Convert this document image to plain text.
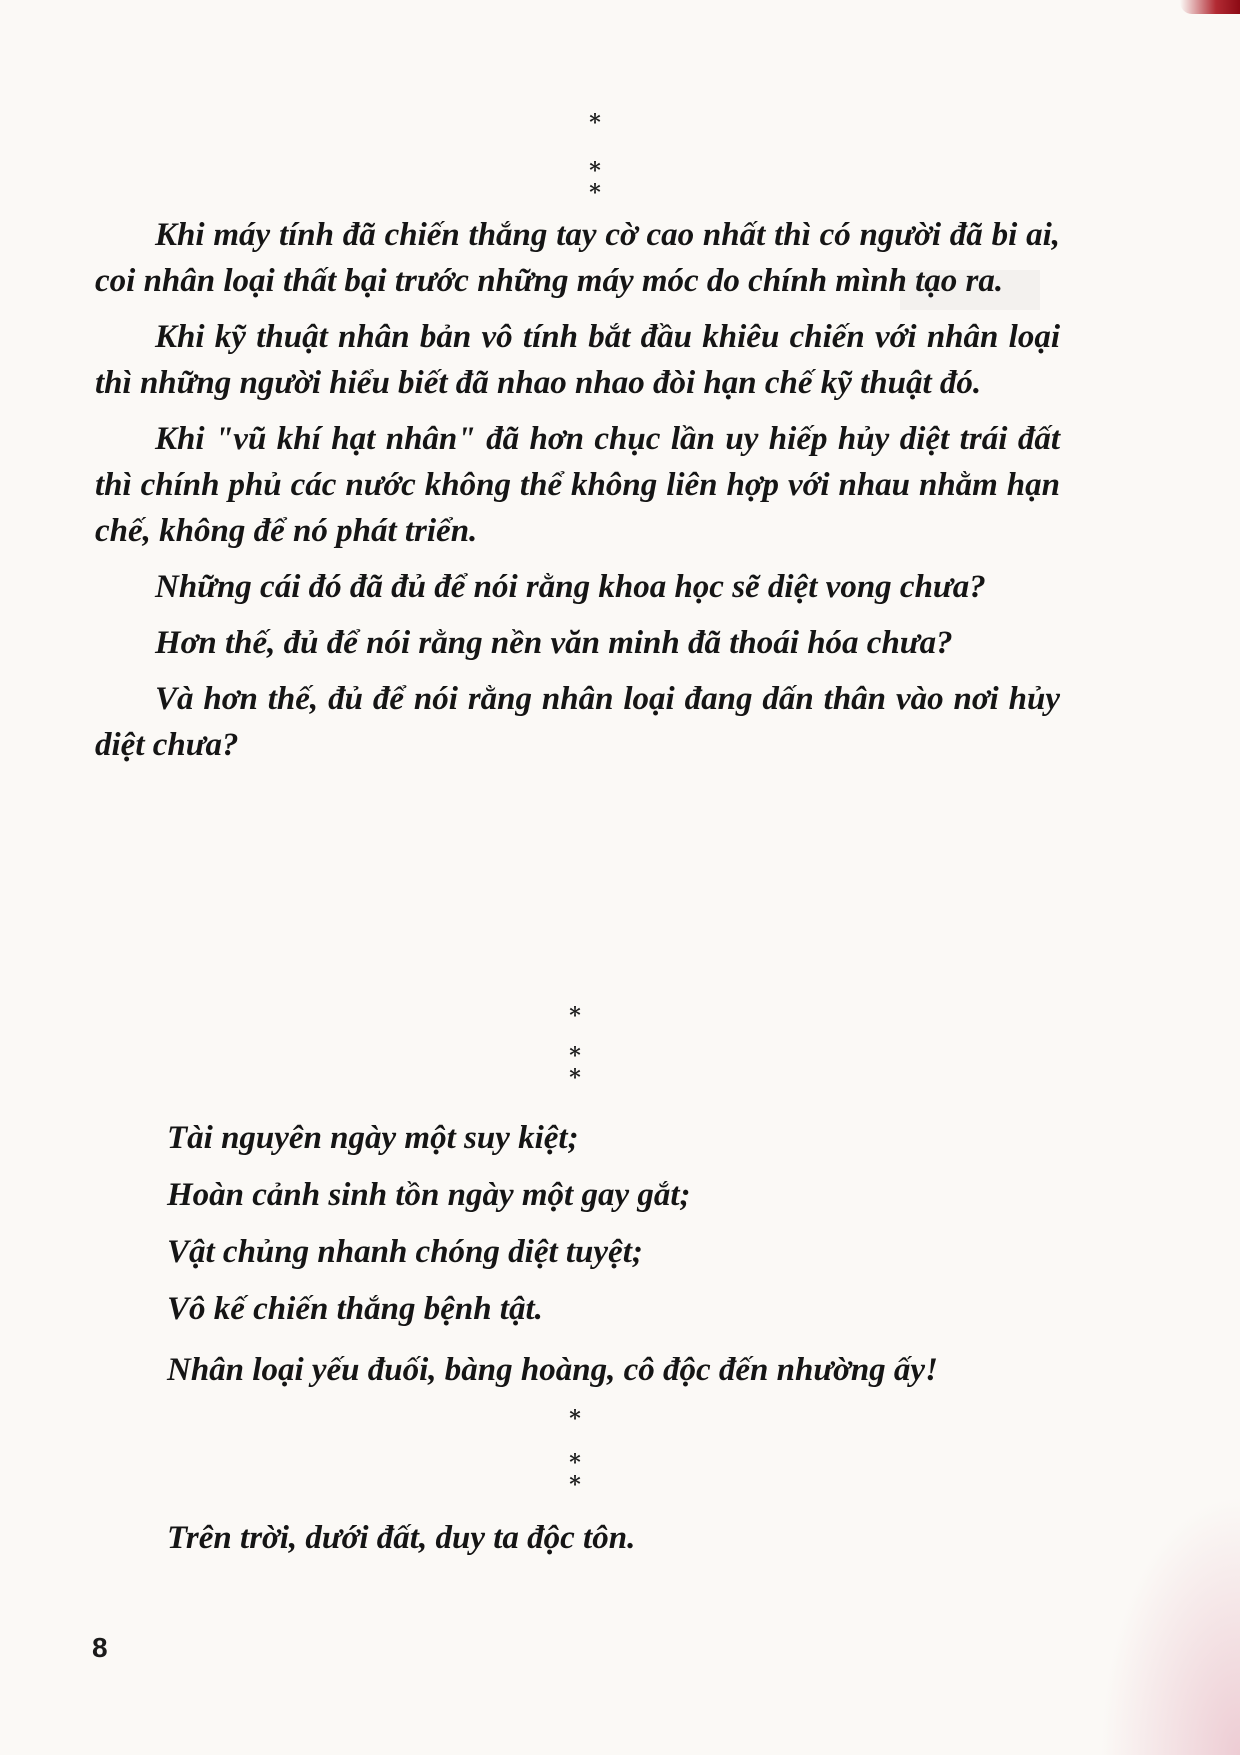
*
* *

Khi máy tính đã chiến thắng tay cờ cao nhất thì có người đã bi ai, coi nhân loại thất bại trước những máy móc do chính mình tạo ra.

Khi kỹ thuật nhân bản vô tính bắt đầu khiêu chiến với nhân loại thì những người hiểu biết đã nhao nhao đòi hạn chế kỹ thuật đó.

Khi "vũ khí hạt nhân" đã hơn chục lần uy hiếp hủy diệt trái đất thì chính phủ các nước không thể không liên hợp với nhau nhằm hạn chế, không để nó phát triển.

Những cái đó đã đủ để nói rằng khoa học sẽ diệt vong chưa?

Hơn thế, đủ để nói rằng nền văn minh đã thoái hóa chưa?

Và hơn thế, đủ để nói rằng nhân loại đang dấn thân vào nơi hủy diệt chưa?

*
* *
Tài nguyên ngày một suy kiệt;
Hoàn cảnh sinh tồn ngày một gay gắt;
Vật chủng nhanh chóng diệt tuyệt;
Vô kế chiến thắng bệnh tật.
Nhân loại yếu đuối, bàng hoàng, cô độc đến nhường ấy!
*
* *
Trên trời, dưới đất, duy ta độc tôn.
8
